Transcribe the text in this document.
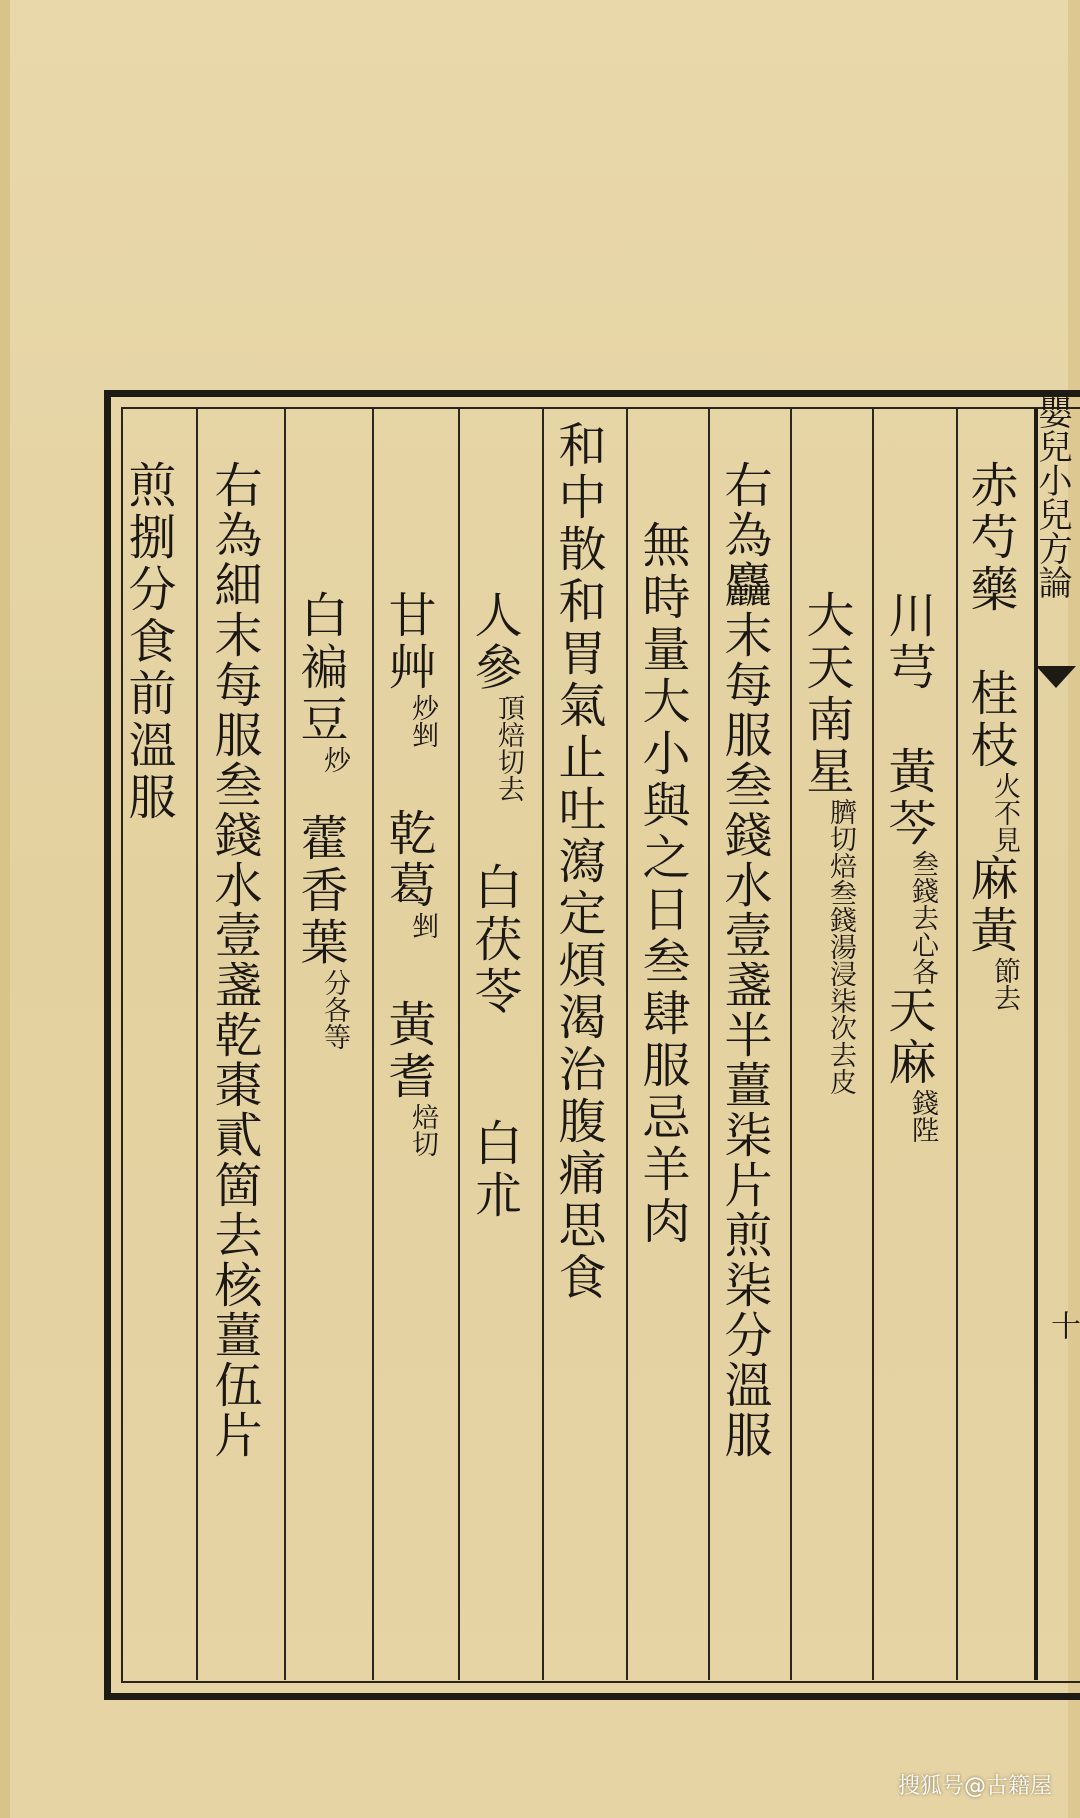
嬰兒小兒方論
十
赤芍藥　桂枝
不見
火
麻黃
去
節
川芎　黃芩
去心各
叁錢
天麻
陛
錢
大天南星
湯浸柒次去皮
臍切焙叁錢
右為麤末每服叁錢水壹盞半薑柒片煎柒分溫服
無時量大小與之日叁肆服忌羊肉
和中散和胃氣止吐瀉定煩渴治腹痛思食
人參
切去
頂焙
白茯苓白朮
甘艸
剉
炒
乾葛
剉
黃耆
切
焙
白褊豆
炒
藿香葉
各等
分
右為細末每服叁錢水壹盞乾棗貳箇去核薑伍片
煎捌分食前溫服
搜狐号@古籍屋
